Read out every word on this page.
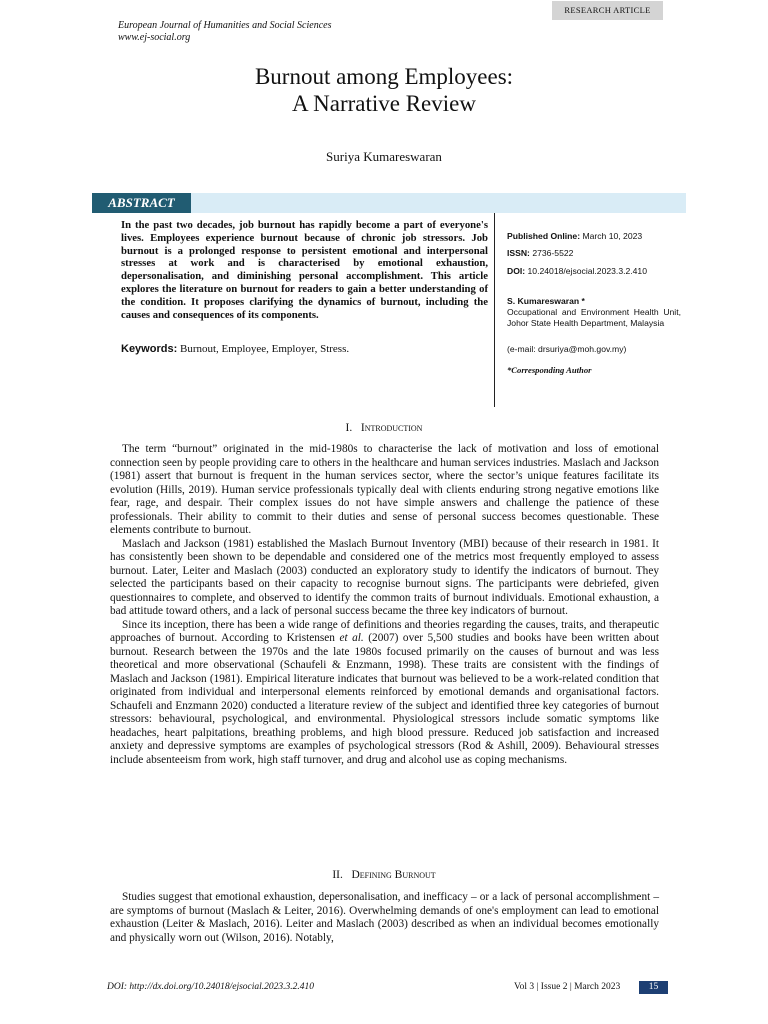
European Journal of Humanities and Social Sciences
www.ej-social.org
RESEARCH ARTICLE
Burnout among Employees:
A Narrative Review
Suriya Kumareswaran
ABSTRACT
In the past two decades, job burnout has rapidly become a part of everyone's lives. Employees experience burnout because of chronic job stressors. Job burnout is a prolonged response to persistent emotional and interpersonal stresses at work and is characterised by emotional exhaustion, depersonalisation, and diminishing personal accomplishment. This article explores the literature on burnout for readers to gain a better understanding of the condition. It proposes clarifying the dynamics of burnout, including the causes and consequences of its components.
Keywords: Burnout, Employee, Employer, Stress.
Published Online: March 10, 2023
ISSN: 2736-5522
DOI: 10.24018/ejsocial.2023.3.2.410
S. Kumareswaran *
Occupational and Environment Health Unit, Johor State Health Department, Malaysia
(e-mail: drsuriya@moh.gov.my)
*Corresponding Author
I. Introduction

The term “burnout” originated in the mid-1980s to characterise the lack of motivation and loss of emotional connection seen by people providing care to others in the healthcare and human services industries. Maslach and Jackson (1981) assert that burnout is frequent in the human services sector, where the sector’s unique features facilitate its evolution (Hills, 2019). Human service professionals typically deal with clients enduring strong negative emotions like fear, rage, and despair. Their complex issues do not have simple answers and challenge the patience of these professionals. Their ability to commit to their duties and sense of personal success becomes questionable. These elements contribute to burnout.

Maslach and Jackson (1981) established the Maslach Burnout Inventory (MBI) because of their research in 1981. It has consistently been shown to be dependable and considered one of the metrics most frequently employed to assess burnout. Later, Leiter and Maslach (2003) conducted an exploratory study to identify the indicators of burnout. They selected the participants based on their capacity to recognise burnout signs. The participants were debriefed, given questionnaires to complete, and observed to identify the common traits of burnout individuals. Emotional exhaustion, a bad attitude toward others, and a lack of personal success became the three key indicators of burnout.

Since its inception, there has been a wide range of definitions and theories regarding the causes, traits, and therapeutic approaches of burnout. According to Kristensen et al. (2007) over 5,500 studies and books have been written about burnout. Research between the 1970s and the late 1980s focused primarily on the causes of burnout and was less theoretical and more observational (Schaufeli & Enzmann, 1998). These traits are consistent with the findings of Maslach and Jackson (1981). Empirical literature indicates that burnout was believed to be a work-related condition that originated from individual and interpersonal elements reinforced by emotional demands and organisational factors. Schaufeli and Enzmann 2020) conducted a literature review of the subject and identified three key categories of burnout stressors: behavioural, psychological, and environmental. Physiological stressors include somatic symptoms like headaches, heart palpitations, breathing problems, and high blood pressure. Reduced job satisfaction and increased anxiety and depressive symptoms are examples of psychological stressors (Rod & Ashill, 2009). Behavioural stresses include absenteeism from work, high staff turnover, and drug and alcohol use as coping mechanisms.

II. Defining Burnout

Studies suggest that emotional exhaustion, depersonalisation, and inefficacy – or a lack of personal accomplishment – are symptoms of burnout (Maslach & Leiter, 2016). Overwhelming demands of one's employment can lead to emotional exhaustion (Leiter & Maslach, 2016). Leiter and Maslach (2003) described as when an individual becomes emotionally and physically worn out (Wilson, 2016). Notably,

DOI: http://dx.doi.org/10.24018/ejsocial.2023.3.2.410	Vol 3 | Issue 2 | March 2023	15
